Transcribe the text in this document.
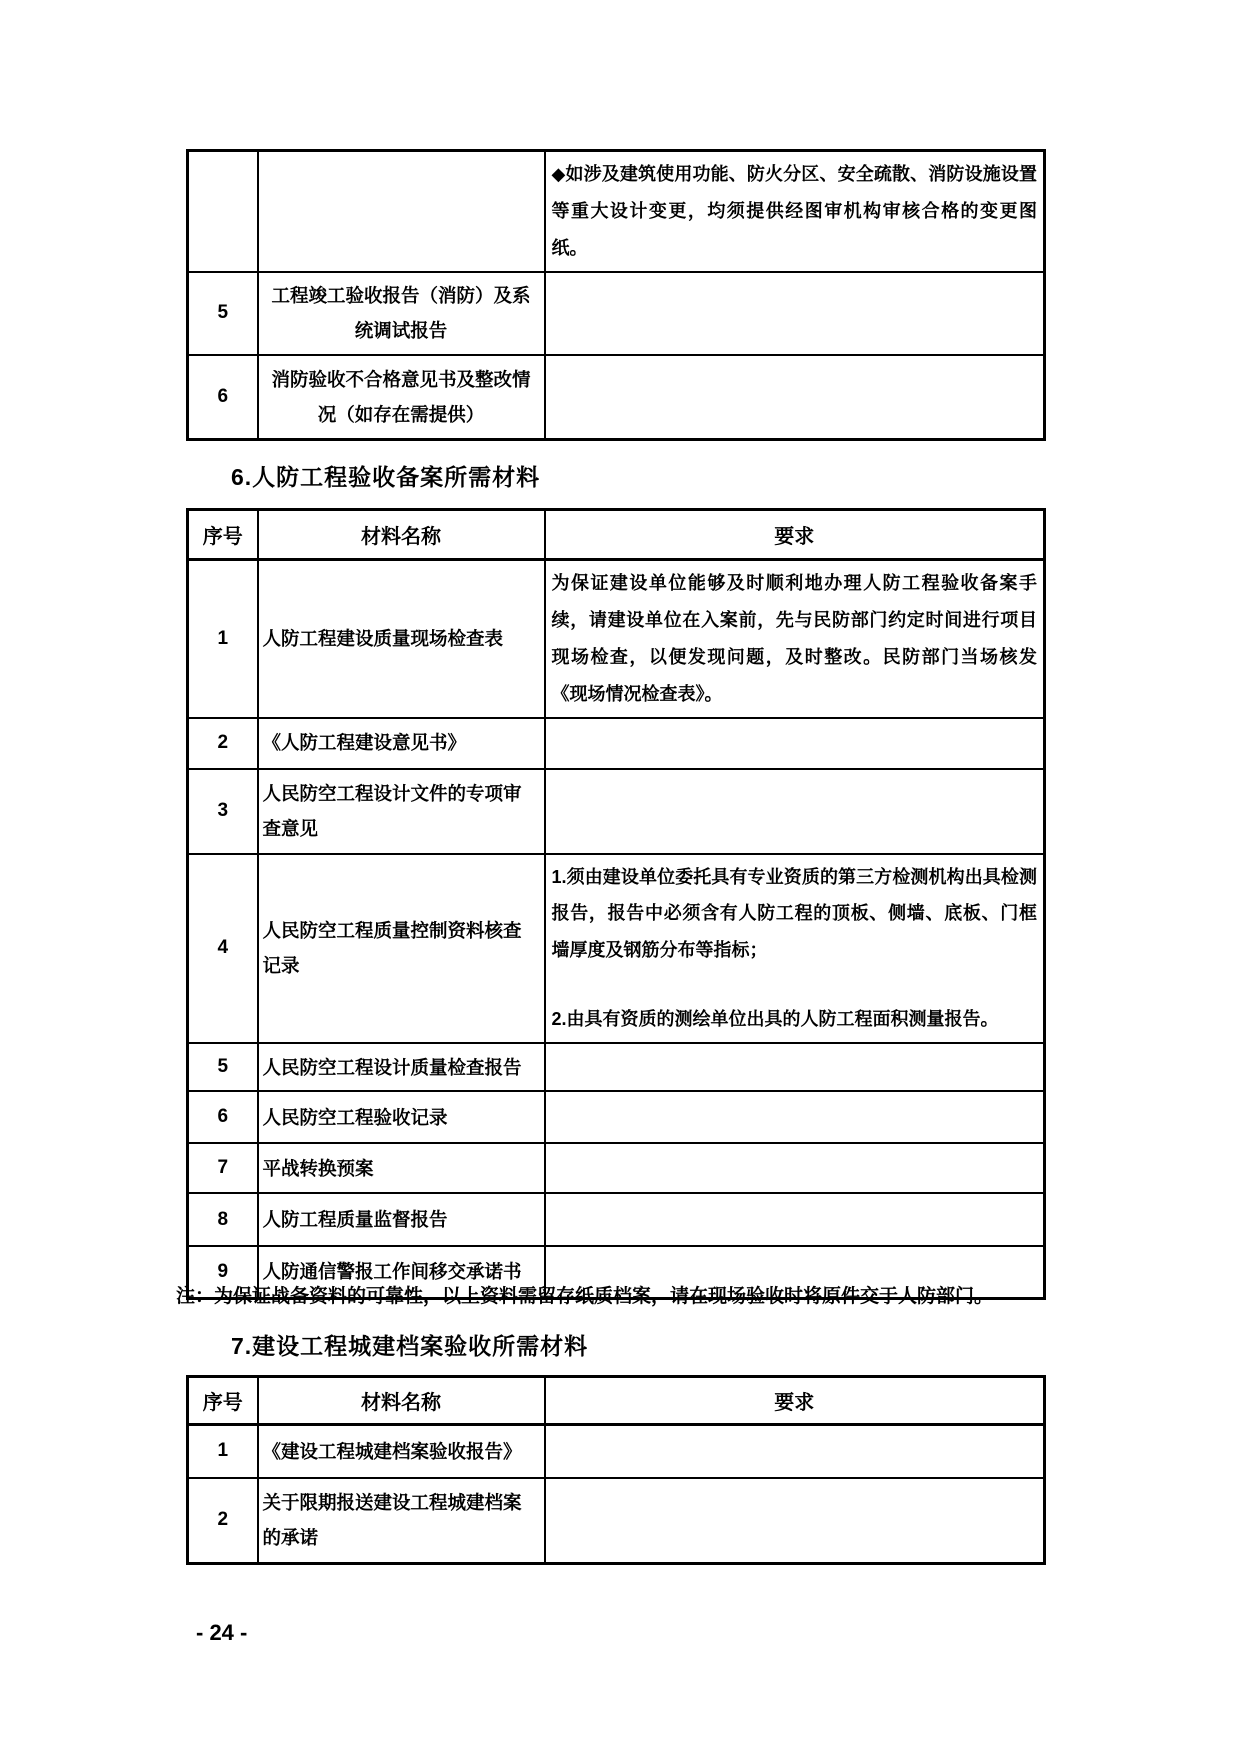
		◆如涉及建筑使用功能、防火分区、安全疏散、消防设施设置等重大设计变更，均须提供经图审机构审核合格的变更图纸。
5	工程竣工验收报告（消防）及系统调试报告	
6	消防验收不合格意见书及整改情况（如存在需提供）	
6.人防工程验收备案所需材料
序号	材料名称	要求
1	人防工程建设质量现场检查表	为保证建设单位能够及时顺利地办理人防工程验收备案手续，请建设单位在入案前，先与民防部门约定时间进行项目现场检查，以便发现问题，及时整改。民防部门当场核发《现场情况检查表》。
2	《人防工程建设意见书》	
3	人民防空工程设计文件的专项审查意见	
4	人民防空工程质量控制资料核查记录	1.须由建设单位委托具有专业资质的第三方检测机构出具检测报告，报告中必须含有人防工程的顶板、侧墙、底板、门框墙厚度及钢筋分布等指标；

2.由具有资质的测绘单位出具的人防工程面积测量报告。

5	人民防空工程设计质量检查报告	
6	人民防空工程验收记录	
7	平战转换预案	
8	人防工程质量监督报告	
9	人防通信警报工作间移交承诺书	
注：为保证战备资料的可靠性，以上资料需留存纸质档案，请在现场验收时将原件交于人防部门。
7.建设工程城建档案验收所需材料
序号	材料名称	要求
1	《建设工程城建档案验收报告》	
2	关于限期报送建设工程城建档案的承诺	
- 24 -
